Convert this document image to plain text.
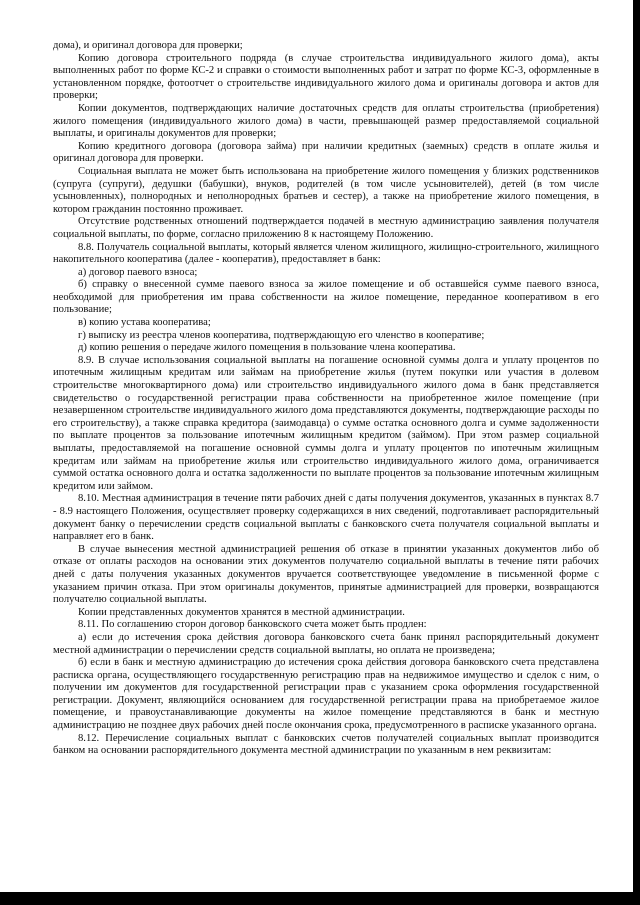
дома), и оригинал договора для проверки;

Копию договора строительного подряда (в случае строительства индивидуального жилого дома), акты выполненных работ по форме КС-2 и справки о стоимости выполненных работ и затрат по форме КС-3, оформленные в установленном порядке, фотоотчет о строительстве индивидуального жилого дома и оригиналы договора и актов для проверки;

Копии документов, подтверждающих наличие достаточных средств для оплаты строительства (приобретения) жилого помещения (индивидуального жилого дома) в части, превышающей размер предоставляемой социальной выплаты, и оригиналы документов для проверки;

Копию кредитного договора (договора займа) при наличии кредитных (заемных) средств в оплате жилья и оригинал договора для проверки.

Социальная выплата не может быть использована на приобретение жилого помещения у близких родственников (супруга (супруги), дедушки (бабушки), внуков, родителей (в том числе усыновителей), детей (в том числе усыновленных), полнородных и неполнородных братьев и сестер), а также на приобретение жилого помещения, в котором гражданин постоянно проживает.

Отсутствие родственных отношений подтверждается подачей в местную администрацию заявления получателя социальной выплаты, по форме, согласно приложению 8 к настоящему Положению.

8.8. Получатель социальной выплаты, который является членом жилищного, жилищно-строительного, жилищного накопительного кооператива (далее - кооператив), предоставляет в банк:

а) договор паевого взноса;

б) справку о внесенной сумме паевого взноса за жилое помещение и об оставшейся сумме паевого взноса, необходимой для приобретения им права собственности на жилое помещение, переданное кооперативом в его пользование;

в) копию устава кооператива;

г) выписку из реестра членов кооператива, подтверждающую его членство в кооперативе;

д) копию решения о передаче жилого помещения в пользование члена кооператива.

8.9. В случае использования социальной выплаты на погашение основной суммы долга и уплату процентов по ипотечным жилищным кредитам или займам на приобретение жилья (путем покупки или участия в долевом строительстве многоквартирного дома) или строительство индивидуального жилого дома в банк представляется свидетельство о государственной регистрации права собственности на приобретенное жилое помещение (при незавершенном строительстве индивидуального жилого дома представляются документы, подтверждающие расходы по его строительству), а также справка кредитора (заимодавца) о сумме остатка основного долга и сумме задолженности по выплате процентов за пользование ипотечным жилищным кредитом (займом). При этом размер социальной выплаты, предоставляемой на погашение основной суммы долга и уплату процентов по ипотечным жилищным кредитам или займам на приобретение жилья или строительство индивидуального жилого дома, ограничивается суммой остатка основного долга и остатка задолженности по выплате процентов за пользование ипотечным жилищным кредитом или займом.

8.10. Местная администрация в течение пяти рабочих дней с даты получения документов, указанных в пунктах 8.7 - 8.9 настоящего Положения, осуществляет проверку содержащихся в них сведений, подготавливает распорядительный документ банку о перечислении средств социальной выплаты с банковского счета получателя социальной выплаты и направляет его в банк.

В случае вынесения местной администрацией решения об отказе в принятии указанных документов либо об отказе от оплаты расходов на основании этих документов получателю социальной выплаты в течение пяти рабочих дней с даты получения указанных документов вручается соответствующее уведомление в письменной форме с указанием причин отказа. При этом оригиналы документов, принятые администрацией для проверки, возвращаются получателю социальной выплаты.

Копии представленных документов хранятся в местной администрации.

8.11. По соглашению сторон договор банковского счета может быть продлен:

а) если до истечения срока действия договора банковского счета банк принял распорядительный документ местной администрации о перечислении средств социальной выплаты, но оплата не произведена;

б) если в банк и местную администрацию до истечения срока действия договора банковского счета представлена расписка органа, осуществляющего государственную регистрацию прав на недвижимое имущество и сделок с ним, о получении им документов для государственной регистрации прав с указанием срока оформления государственной регистрации. Документ, являющийся основанием для государственной регистрации права на приобретаемое жилое помещение, и правоустанавливающие документы на жилое помещение представляются в банк и местную администрацию не позднее двух рабочих дней после окончания срока, предусмотренного в расписке указанного органа.

8.12. Перечисление социальных выплат с банковских счетов получателей социальных выплат производится банком на основании распорядительного документа местной администрации по указанным в нем реквизитам:
